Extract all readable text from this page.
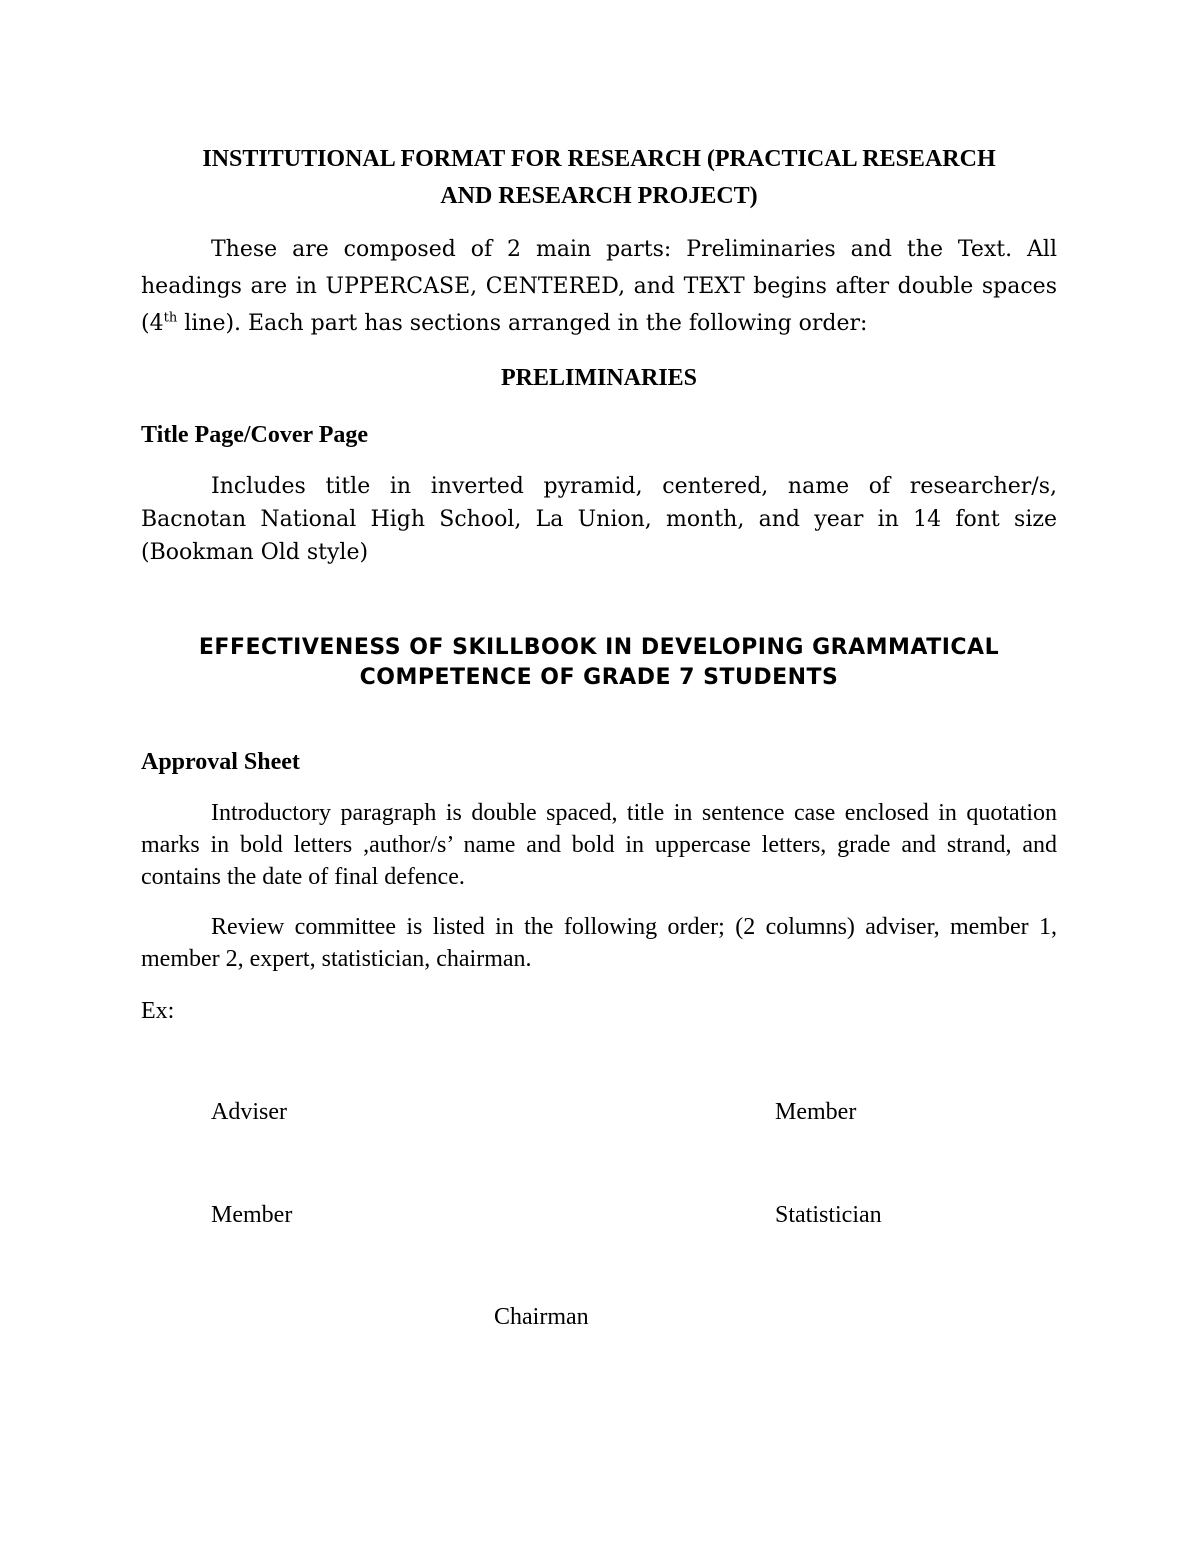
INSTITUTIONAL FORMAT FOR RESEARCH (PRACTICAL RESEARCH
AND RESEARCH PROJECT)

These are composed of 2 main parts: Preliminaries and the Text. All headings are in UPPERCASE, CENTERED, and TEXT begins after double spaces (4th line). Each part has sections arranged in the following order:

PRELIMINARIES

Title Page/Cover Page

Includes title in inverted pyramid, centered, name of researcher/s, Bacnotan National High School, La Union, month, and year in 14 font size (Bookman Old style)

EFFECTIVENESS OF SKILLBOOK IN DEVELOPING GRAMMATICAL
COMPETENCE OF GRADE 7 STUDENTS

Approval Sheet

Introductory paragraph is double spaced, title in sentence case enclosed in quotation marks in bold letters ,author/s’ name and bold in uppercase letters, grade and strand, and contains the date of final defence.

Review committee is listed in the following order; (2 columns) adviser, member 1, member 2, expert, statistician, chairman.

Ex:

Adviser	Member
Member	Statistician
Chairman
